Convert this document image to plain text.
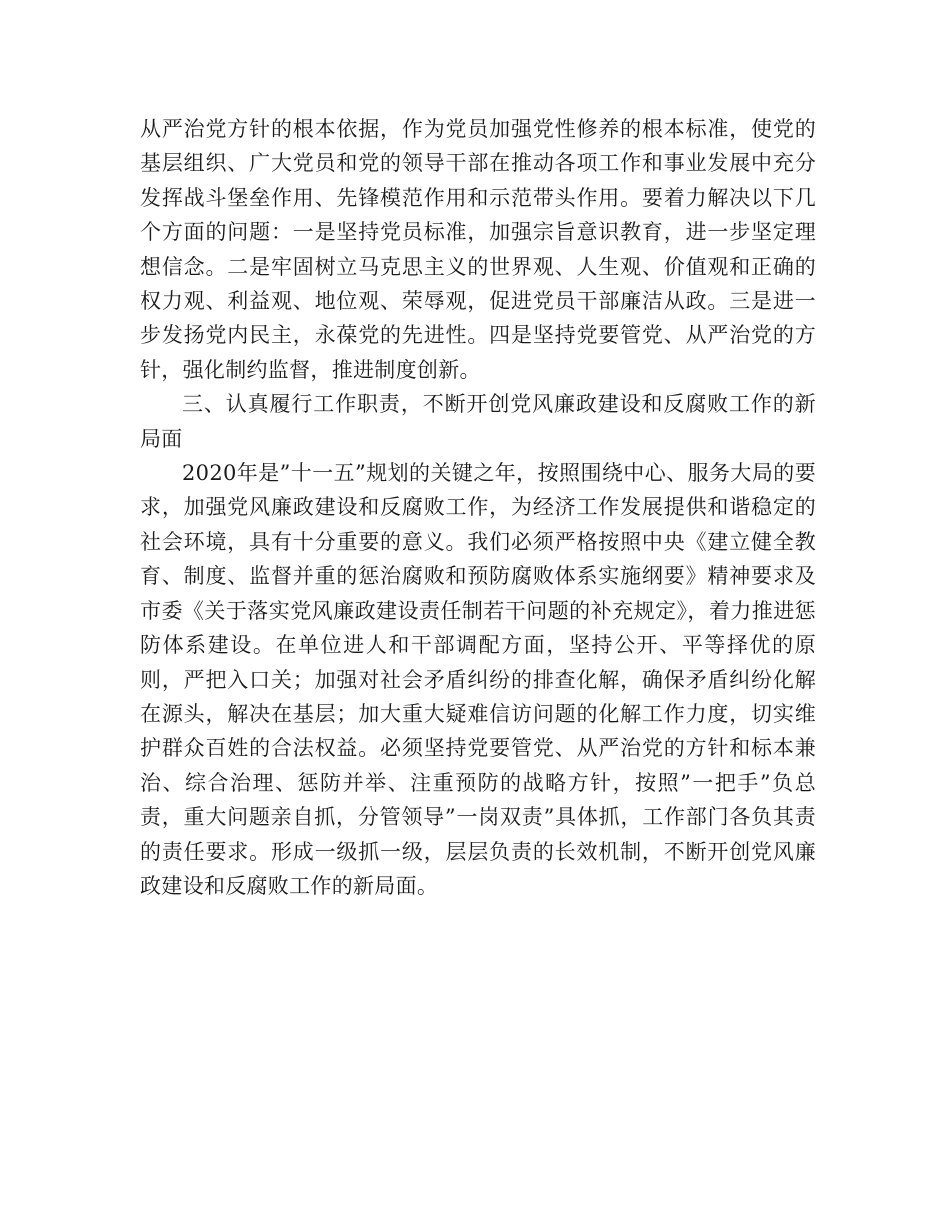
从严治党方针的根本依据，作为党员加强党性修养的根本标准，使党的基层组织、广大党员和党的领导干部在推动各项工作和事业发展中充分发挥战斗堡垒作用、先锋模范作用和示范带头作用。要着力解决以下几个方面的问题：一是坚持党员标准，加强宗旨意识教育，进一步坚定理想信念。二是牢固树立马克思主义的世界观、人生观、价值观和正确的权力观、利益观、地位观、荣辱观，促进党员干部廉洁从政。三是进一步发扬党内民主，永葆党的先进性。四是坚持党要管党、从严治党的方针，强化制约监督，推进制度创新。

三、认真履行工作职责，不断开创党风廉政建设和反腐败工作的新局面

2020年是”十一五”规划的关键之年，按照围绕中心、服务大局的要求，加强党风廉政建设和反腐败工作，为经济工作发展提供和谐稳定的社会环境，具有十分重要的意义。我们必须严格按照中央《建立健全教育、制度、监督并重的惩治腐败和预防腐败体系实施纲要》精神要求及市委《关于落实党风廉政建设责任制若干问题的补充规定》，着力推进惩防体系建设。在单位进人和干部调配方面，坚持公开、平等择优的原则，严把入口关；加强对社会矛盾纠纷的排查化解，确保矛盾纠纷化解在源头，解决在基层；加大重大疑难信访问题的化解工作力度，切实维护群众百姓的合法权益。必须坚持党要管党、从严治党的方针和标本兼治、综合治理、惩防并举、注重预防的战略方针，按照”一把手”负总责，重大问题亲自抓，分管领导”一岗双责”具体抓，工作部门各负其责的责任要求。形成一级抓一级，层层负责的长效机制，不断开创党风廉政建设和反腐败工作的新局面。
